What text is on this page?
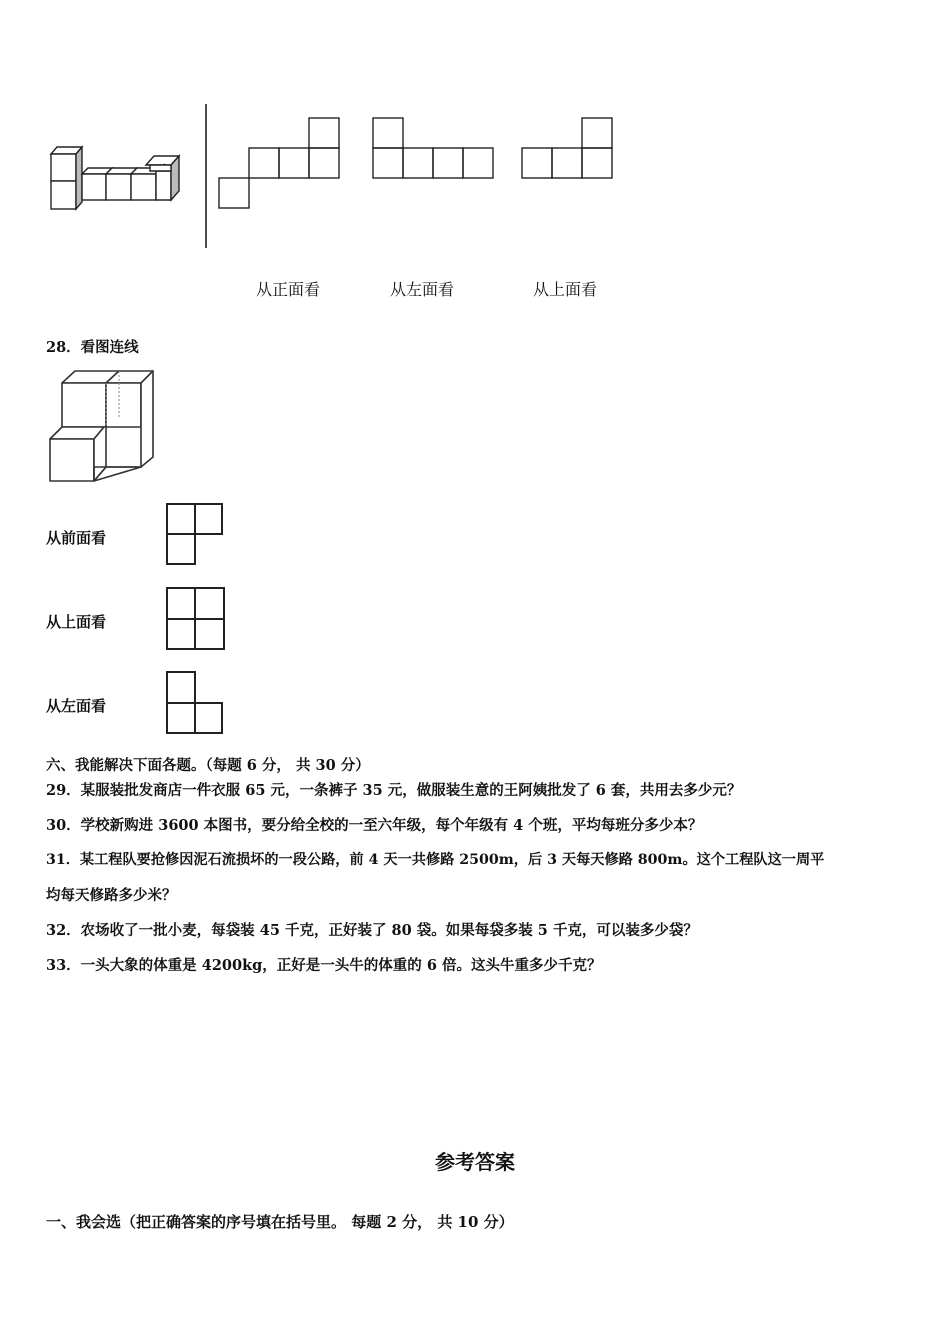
从正面看	从左面看	从上面看
28．看图连线
从前面看
从上面看
从左面看
六、我能解决下面各题。（每题 6 分， 共 30 分）
29．某服装批发商店一件衣服 65 元，一条裤子 35 元，做服装生意的王阿姨批发了 6 套，共用去多少元？
30．学校新购进 3600 本图书，要分给全校的一至六年级，每个年级有 4 个班，平均每班分多少本？
31．某工程队要抢修因泥石流损坏的一段公路，前 4 天一共修路 2500m，后 3 天每天修路 800m。这个工程队这一周平
均每天修路多少米？
32．农场收了一批小麦，每袋装 45 千克，正好装了 80 袋。如果每袋多装 5 千克，可以装多少袋？
33．一头大象的体重是 4200kg，正好是一头牛的体重的 6 倍。这头牛重多少千克？
参考答案
一、我会选（把正确答案的序号填在括号里。 每题 2 分， 共 10 分）
